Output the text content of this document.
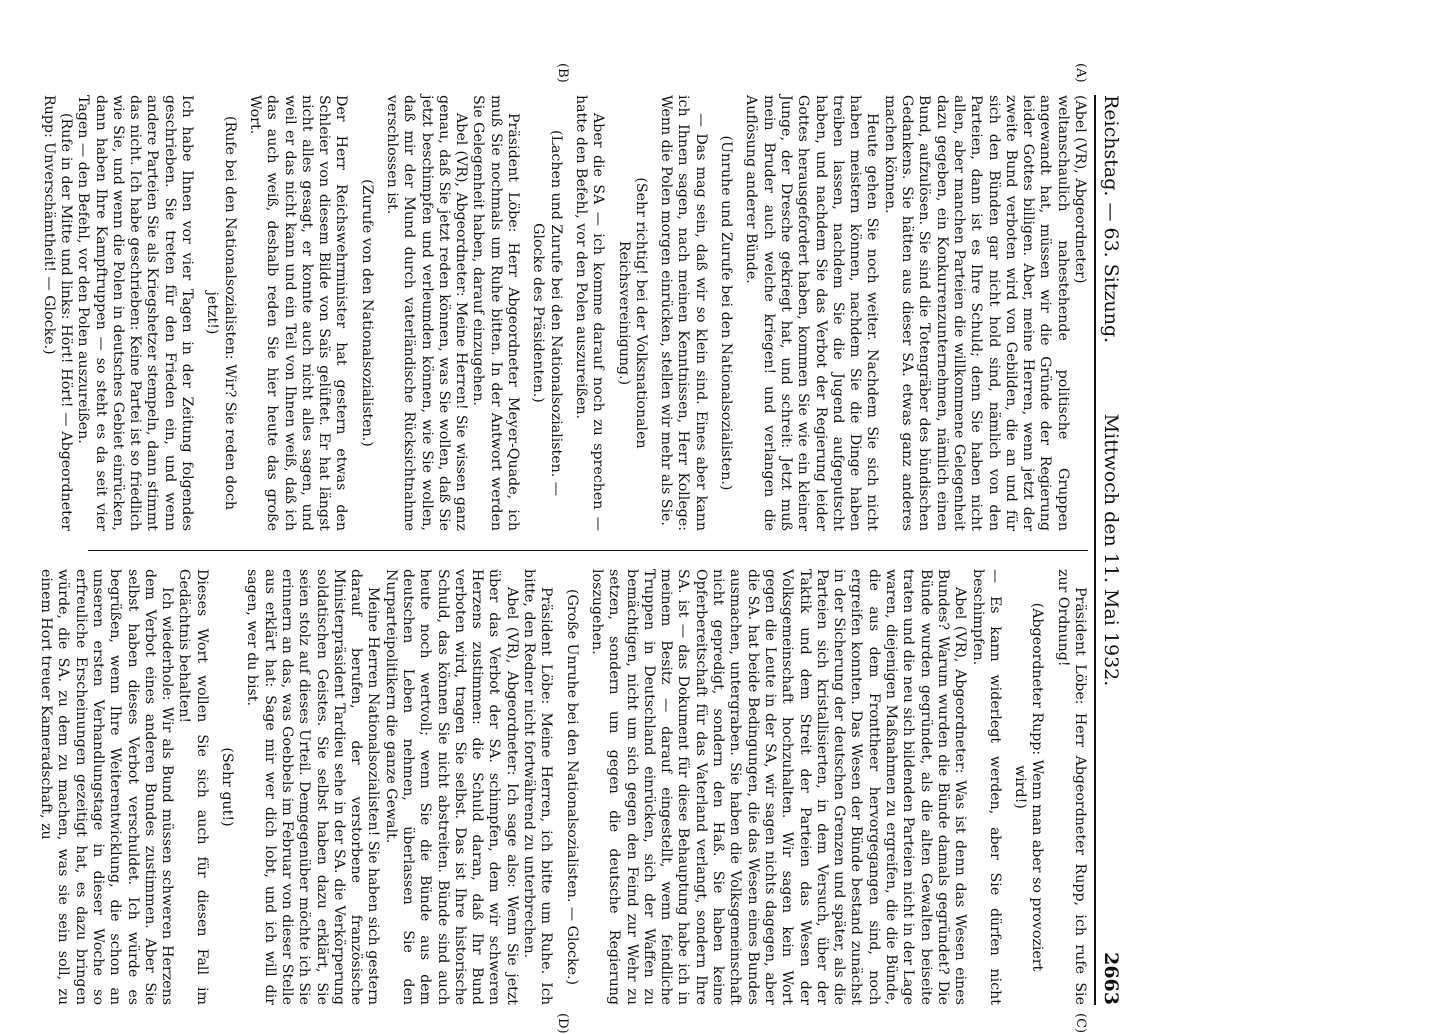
Reichstag. — 63. Sitzung.
Mittwoch den 11. Mai 1932.
2663
(A)
(B)
(C)
(D)

(Abel (VR), Abgeordneter)

weltanschaulich nahestehende politische Gruppen angewandt hat, müssen wir die Gründe der Regierung leider Gottes billigen. Aber, meine Herren, wenn jetzt der zweite Bund verboten wird von Gebilden, die an und für sich den Bünden gar nicht hold sind, nämlich von den Parteien, dann ist es Ihre Schuld; denn Sie haben nicht allen, aber manchen Parteien die willkommene Gelegenheit dazu gegeben, ein Konkurrenzunternehmen, nämlich einen Bund, aufzulösen. Sie sind die Totengräber des bündischen Gedankens. Sie hätten aus dieser SA. etwas ganz anderes machen können.

Heute gehen Sie noch weiter. Nachdem Sie sich nicht haben meistern können, nachdem Sie die Dinge haben treiben lassen, nachdem Sie die Jugend aufgeputscht haben, und nachdem Sie das Verbot der Regierung leider Gottes herausgefordert haben, kommen Sie wie ein kleiner Junge, der Dresche gekriegt hat, und schreit: Jetzt muß mein Bruder auch welche kriegen! und verlangen die Auflösung anderer Bünde.

(Unruhe und Zurufe bei den Nationalsozialisten.)

— Das mag sein, daß wir so klein sind. Eines aber kann ich Ihnen sagen, nach meinen Kenntnissen, Herr Kollege: Wenn die Polen morgen einrücken, stellen wir mehr als Sie.

(Sehr richtig! bei der Volksnationalen Reichsvereinigung.)

Aber die SA — ich komme darauf noch zu sprechen — hatte den Befehl, vor den Polen auszureißen.

(Lachen und Zurufe bei den Nationalsozialisten. — Glocke des Präsidenten.)

Präsident Löbe: Herr Abgeordneter Meyer-Quade, ich muß Sie nochmals um Ruhe bitten. In der Antwort werden Sie Gelegenheit haben, darauf einzugehen.

Abel (VR), Abgeordneter: Meine Herren! Sie wissen ganz genau, daß Sie jetzt reden können, was Sie wollen, daß Sie jetzt beschimpfen und verleumden können, wie Sie wollen, daß mir der Mund durch vaterländische Rücksichtnahme verschlossen ist.

(Zurufe von den Nationalsozialisten.)

Der Herr Reichswehrminister hat gestern etwas den Schleier von diesem Bilde von Saïs gelüftet. Er hat längst nicht alles gesagt, er konnte auch nicht alles sagen, und weil er das nicht kann und ein Teil von Ihnen weiß, daß ich das auch weiß, deshalb reden Sie hier heute das große Wort.

(Rufe bei den Nationalsozialisten: Wir? Sie reden doch jetzt!)

Ich habe Ihnen vor vier Tagen in der Zeitung folgendes geschrieben. Sie treten für den Frieden ein, und wenn andere Parteien Sie als Kriegshetzer stempeln, dann stimmt das nicht. Ich habe geschrieben: Keine Partei ist so friedlich wie Sie, und wenn die Polen in deutsches Gebiet einrücken, dann haben Ihre Kampftruppen — so steht es da seit vier Tagen — den Befehl, vor den Polen auszureißen.

(Rufe in der Mitte und links: Hört! Hört! — Abgeordneter Rupp: Unverschämtheit! — Glocke.)

Präsident Löbe: Herr Abgeordneter Rupp, ich rufe Sie zur Ordnung!

(Abgeordneter Rupp: Wenn man aber so provoziert wird!)

— Es kann widerlegt werden, aber Sie dürfen nicht beschimpfen.

Abel (VR), Abgeordneter: Was ist denn das Wesen eines Bundes? Warum wurden die Bünde damals gegründet? Die Bünde wurden gegründet, als die alten Gewalten beiseite traten und die neu sich bildenden Parteien nicht in der Lage waren, diejenigen Maßnahmen zu ergreifen, die die Bünde, die aus dem Fronttheer hervorgegangen sind, noch ergreifen konnten. Das Wesen der Bünde bestand zunächst in der Sicherung der deutschen Grenzen und später, als die Parteien sich kristallisierten, in dem Versuch, über der Taktik und dem Streit der Parteien das Wesen der Volksgemeinschaft hochzuhalten. Wir sagen kein Wort gegen die Leute in der SA, wir sagen nichts dagegen, aber die SA. hat beide Bedingungen, die das Wesen eines Bundes ausmachen, untergraben. Sie haben die Volksgemeinschaft nicht gepredigt, sondern den Haß. Sie haben keine Opferbereitschaft für das Vaterland verlangt, sondern Ihre SA. ist — das Dokument für diese Behauptung habe ich in meinem Besitz — darauf eingestellt, wenn feindliche Truppen in Deutschland einrücken, sich der Waffen zu bemächtigen, nicht um sich gegen den Feind zur Wehr zu setzen, sondern um gegen die deutsche Regierung loszugehen.

(Große Unruhe bei den Nationalsozialisten. — Glocke.)

Präsident Löbe: Meine Herren, ich bitte um Ruhe. Ich bitte, den Redner nicht fortwährend zu unterbrechen.

Abel (VR), Abgeordneter: Ich sage also: Wenn Sie jetzt über das Verbot der SA. schimpfen, dem wir schweren Herzens zustimmen: die Schuld daran, daß Ihr Bund verboten wird, tragen Sie selbst. Das ist Ihre historische Schuld, das können Sie nicht abstreiten. Bünde sind auch heute noch wertvoll; wenn Sie die Bünde aus dem deutschen Leben nehmen, überlassen Sie den Nurparteipolitikern die ganze Gewalt.

Meine Herren Nationalsozialisten! Sie haben sich gestern darauf berufen, der verstorbene französische Ministerpräsident Tardieu sehe in der SA. die Verkörperung soldatischen Geistes. Sie selbst haben dazu erklärt, Sie seien stolz auf dieses Urteil. Demgegenüber möchte ich Sie erinnern an das, was Goebbels im Februar von dieser Stelle aus erklärt hat: Sage mir wer dich lobt, und ich will dir sagen, wer du bist.

(Sehr gut!)

Dieses Wort wollen Sie sich auch für diesen Fall im Gedächtnis behalten!

Ich wiederhole: Wir als Bund müssen schweren Herzens dem Verbot eines anderen Bundes zustimmen. Aber Sie selbst haben dieses Verbot verschuldet. Ich würde es begrüßen, wenn Ihre Weiterentwicklung, die schon an unseren ersten Verhandlungstage in dieser Woche so erfreuliche Erscheinungen gezeitigt hat, es dazu bringen würde, die SA. zu dem zu machen, was sie sein soll, zu einem Hort treuer Kameradschaft, zu
